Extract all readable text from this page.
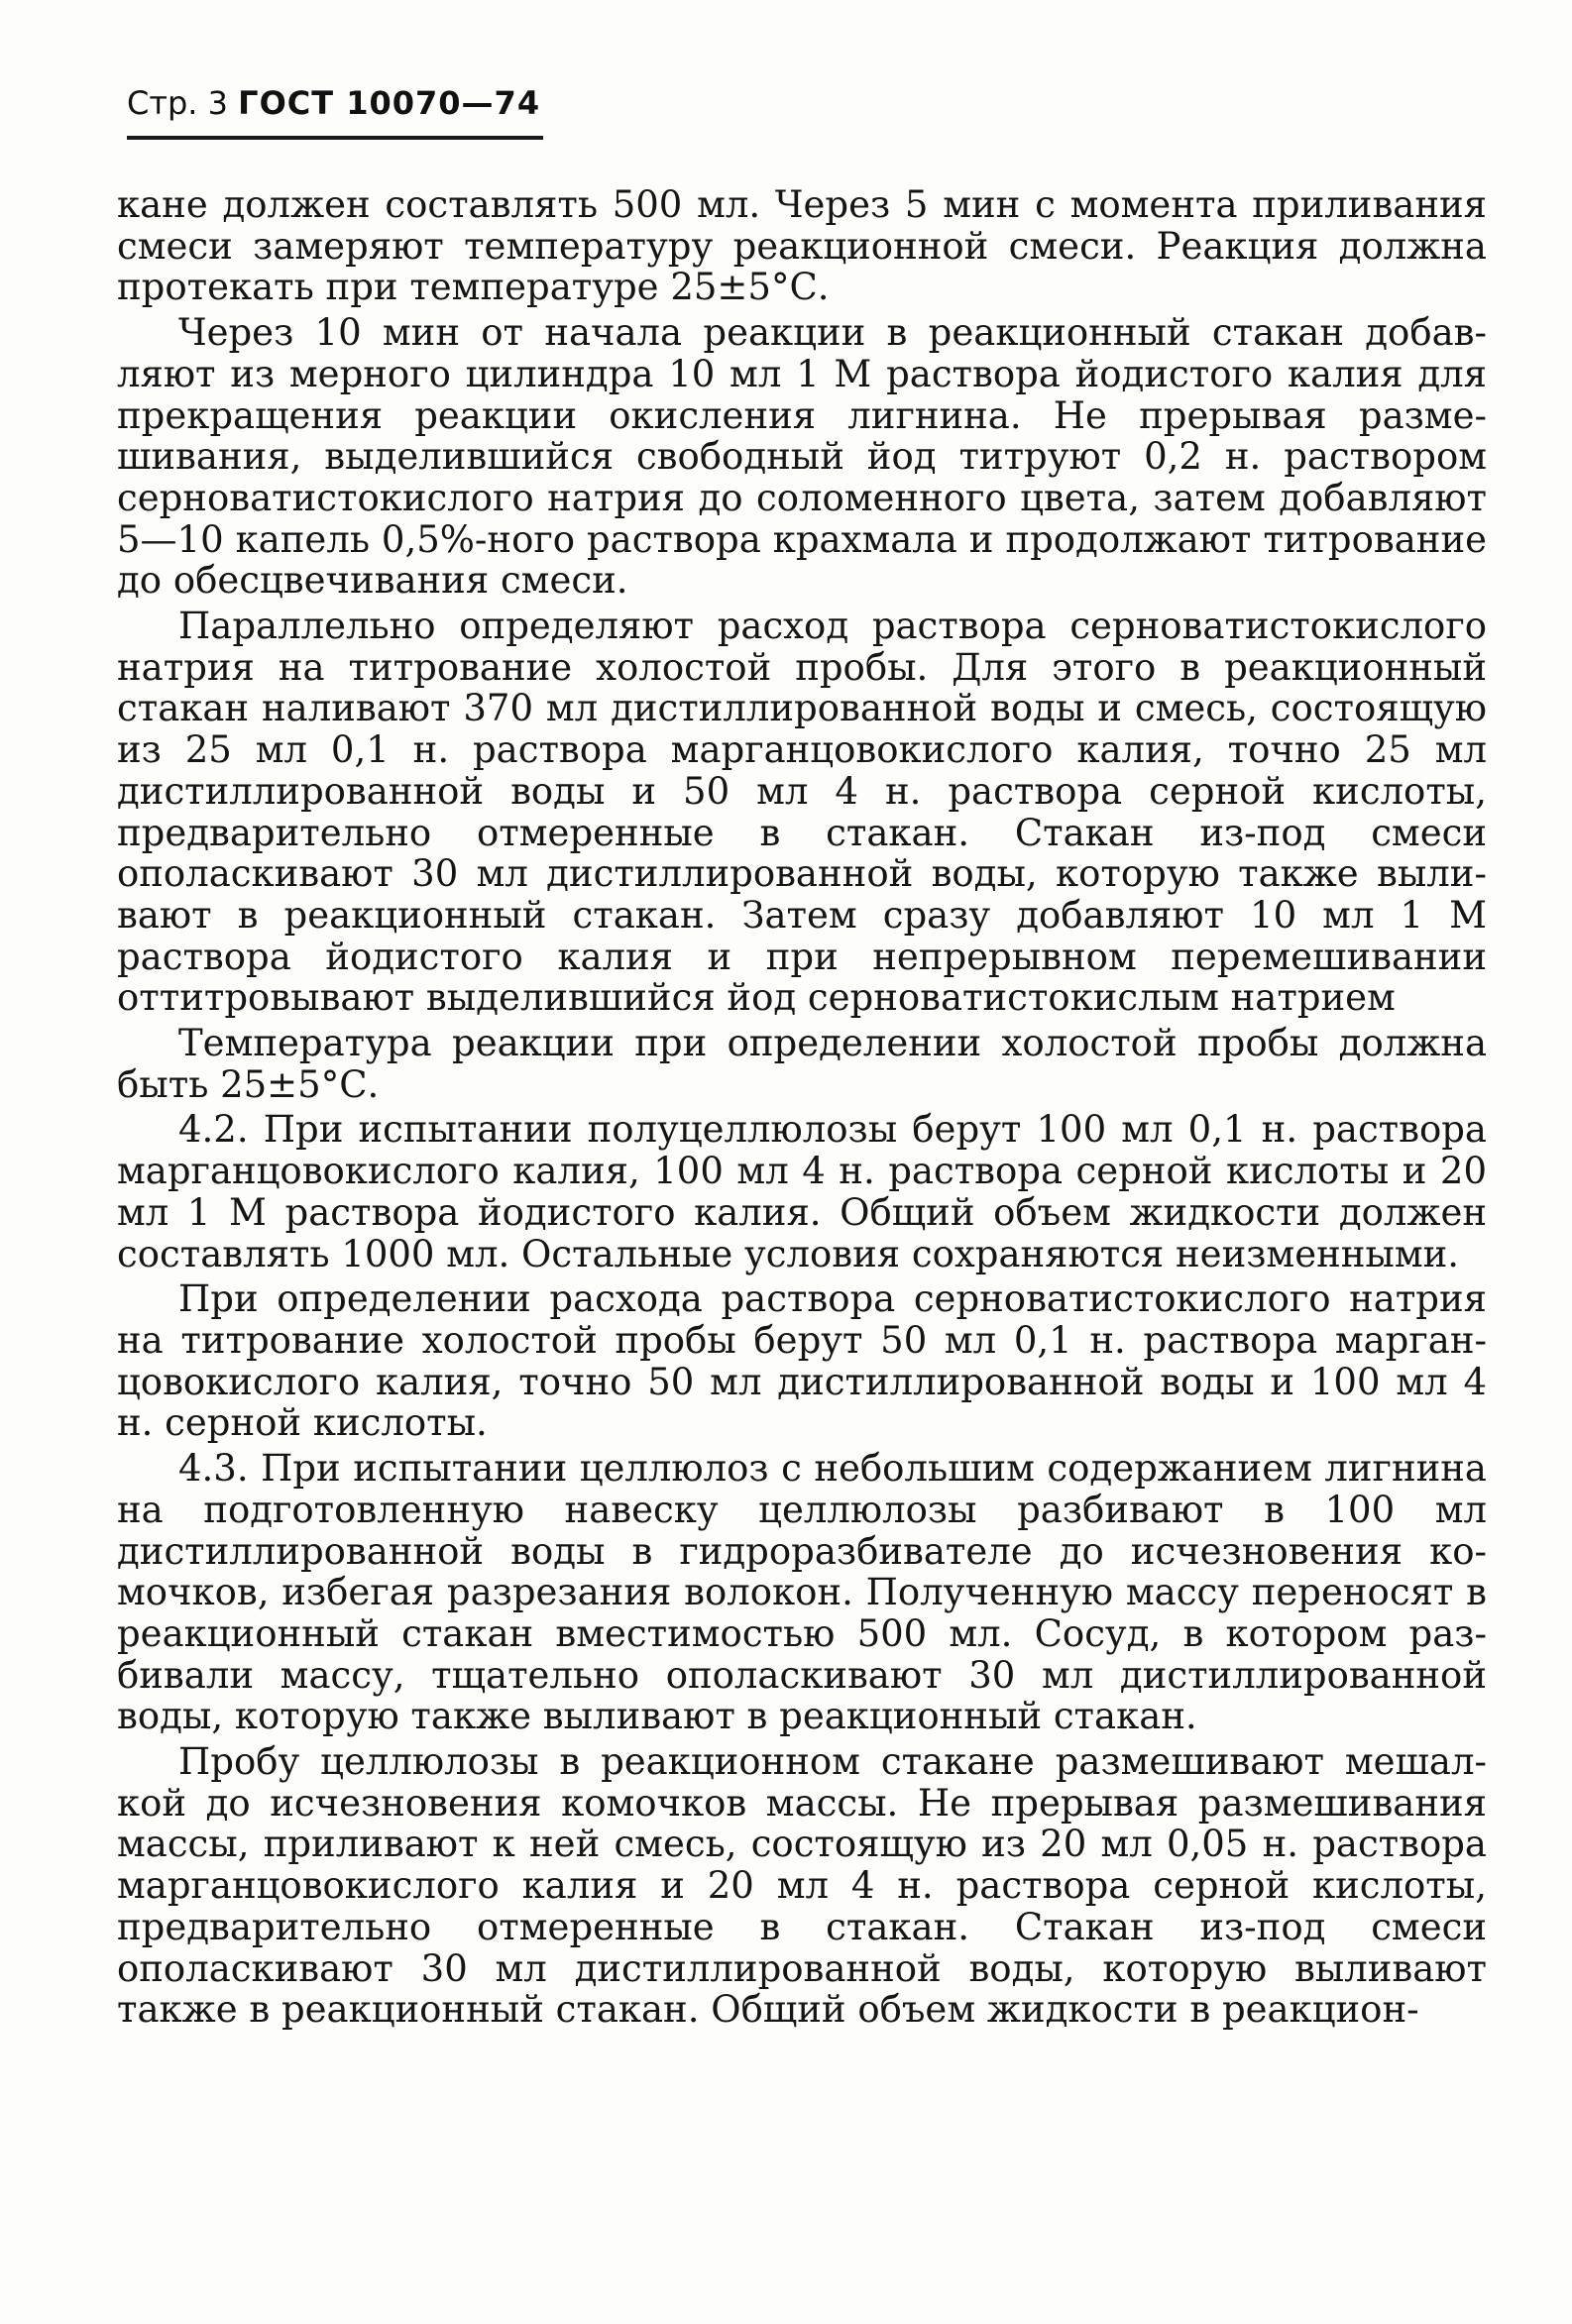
Стр. 3 ГОСТ 10070—74

кане должен составлять 500 мл. Через 5 мин с момента приливания смеси замеряют температуру реакционной смеси. Реакция должна протекать при температуре 25±5°С.

Через 10 мин от начала реакции в реакционный стакан добавляют из мерного цилиндра 10 мл 1 М раствора йодистого калия для прекращения реакции окисления лигнина. Не прерывая размешивания, выделившийся свободный йод титруют 0,2 н. раствором серноватистокислого натрия до соломенного цвета, затем добавляют 5—10 капель 0,5%-ного раствора крахмала и продолжают титрование до обесцвечивания смеси.

Параллельно определяют расход раствора серноватистокислого натрия на титрование холостой пробы. Для этого в реакционный стакан наливают 370 мл дистиллированной воды и смесь, состоящую из 25 мл 0,1 н. раствора марганцовокислого калия, точно 25 мл дистиллированной воды и 50 мл 4 н. раствора серной кислоты, предварительно отмеренные в стакан. Стакан из-под смеси ополаскивают 30 мл дистиллированной воды, которую также выливают в реакционный стакан. Затем сразу добавляют 10 мл 1 М раствора йодистого калия и при непрерывном перемешивании оттитровывают выделившийся йод серноватистокислым натрием

Температура реакции при определении холостой пробы должна быть 25±5°С.

4.2. При испытании полуцеллюлозы берут 100 мл 0,1 н. раствора марганцовокислого калия, 100 мл 4 н. раствора серной кислоты и 20 мл 1 М раствора йодистого калия. Общий объем жидкости должен составлять 1000 мл. Остальные условия сохраняются неизменными.

При определении расхода раствора серноватистокислого натрия на титрование холостой пробы берут 50 мл 0,1 н. раствора марганцовокислого калия, точно 50 мл дистиллированной воды и 100 мл 4 н. серной кислоты.

4.3. При испытании целлюлоз с небольшим содержанием лигнина на подготовленную навеску целлюлозы разбивают в 100 мл дистиллированной воды в гидроразбивателе до исчезновения комочков, избегая разрезания волокон. Полученную массу переносят в реакционный стакан вместимостью 500 мл. Сосуд, в котором разбивали массу, тщательно ополаскивают 30 мл дистиллированной воды, которую также выливают в реакционный стакан.

Пробу целлюлозы в реакционном стакане размешивают мешалкой до исчезновения комочков массы. Не прерывая размешивания массы, приливают к ней смесь, состоящую из 20 мл 0,05 н. раствора марганцовокислого калия и 20 мл 4 н. раствора серной кислоты, предварительно отмеренные в стакан. Стакан из-под смеси ополаскивают 30 мл дистиллированной воды, которую выливают также в реакционный стакан. Общий объем жидкости в реакцион-
